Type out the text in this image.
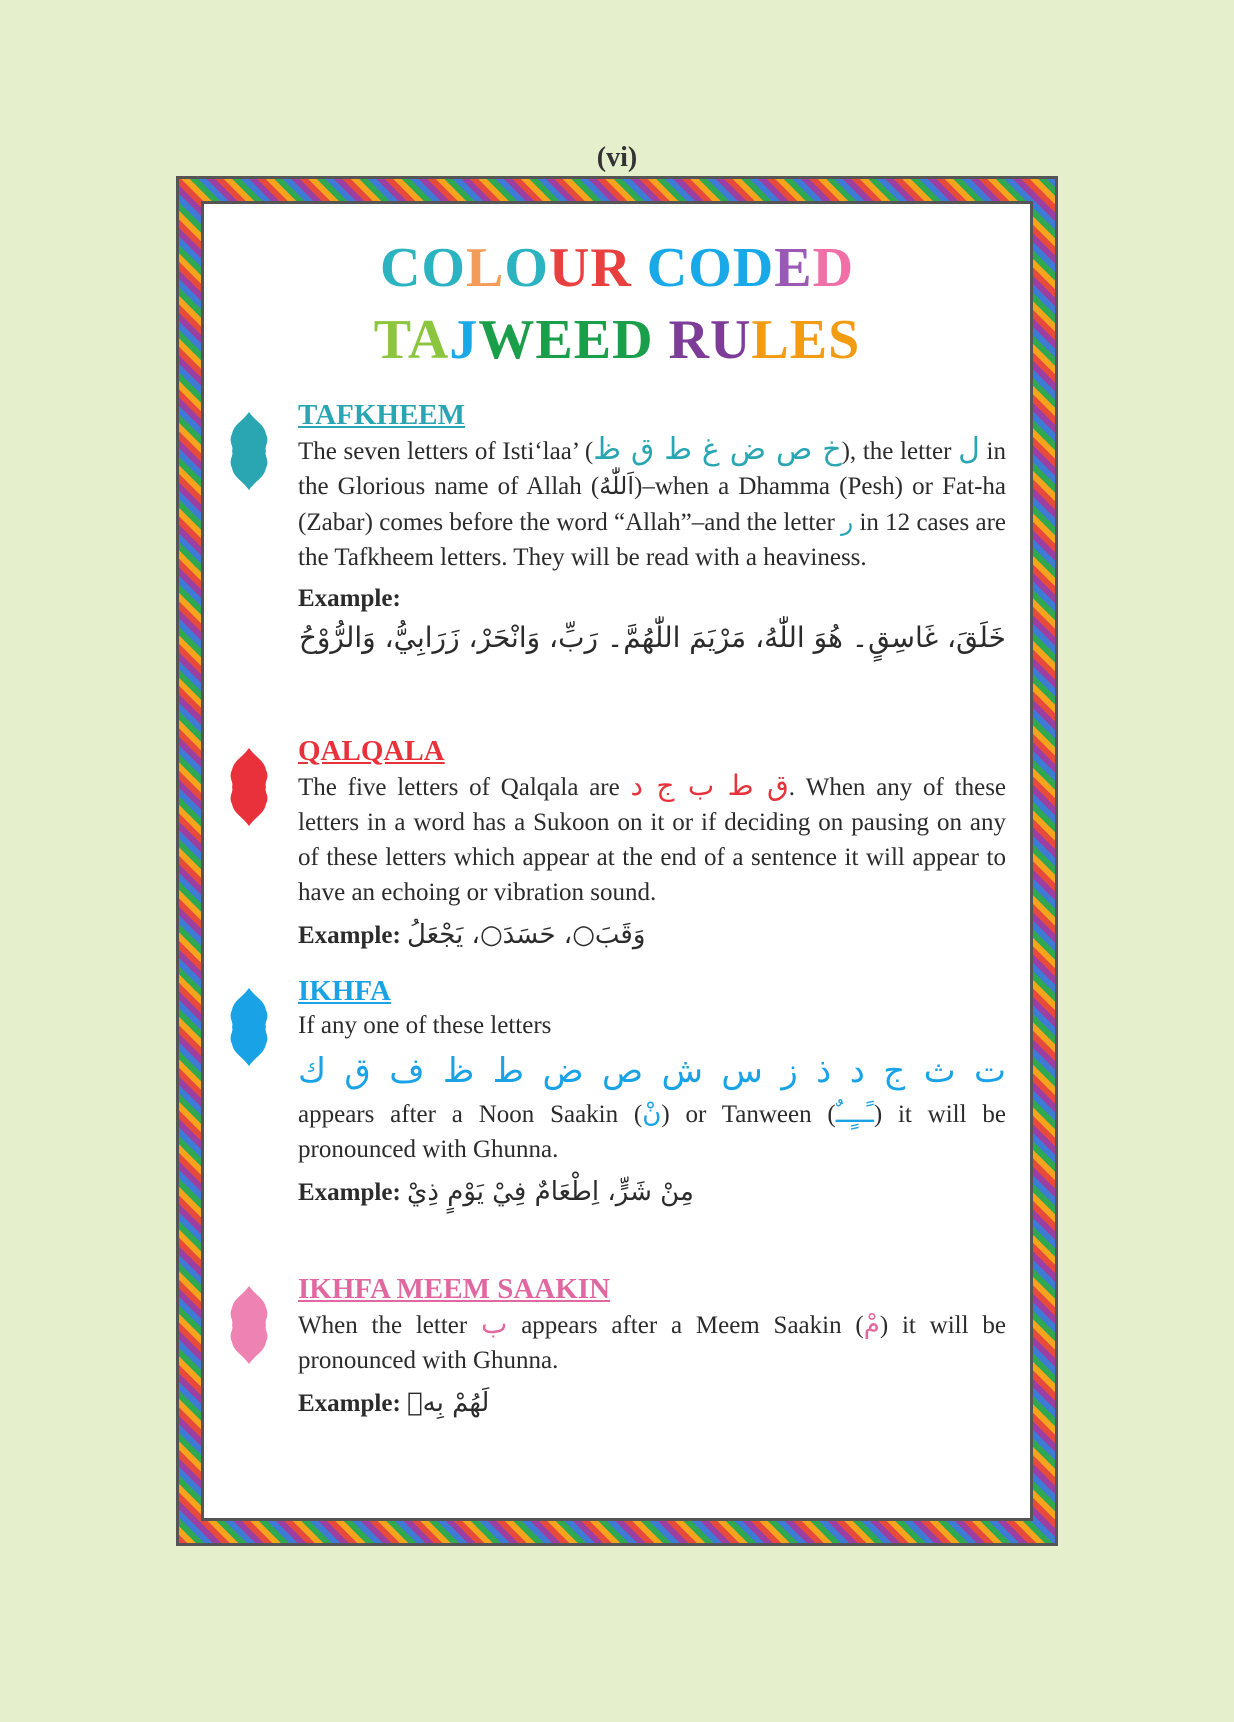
(vi)
COLOUR CODED
TAJWEED RULES

TAFKHEEM

The seven letters of Isti‘laa’ (خ ص ض غ ط ق ظ), the letter ل in the Glorious name of Allah (اَللّٰهُ)–when a Dhamma (Pesh) or Fat-ha (Zabar) comes before the word “Allah”–and the letter ر in 12 cases are the Tafkheem letters. They will be read with a heaviness.

Example:
خَلَقَ، غَاسِقٍ۔ هُوَ اللّٰهُ، مَرْيَمَ اللّٰهُمَّ۔ رَبِّ، وَانْحَرْ، زَرَابِيُّ، وَالرُّوْحُ

QALQALA

The five letters of Qalqala are ق ط ب ج د. When any of these letters in a word has a Sukoon on it or if deciding on pausing on any of these letters which appear at the end of a sentence it will appear to have an echoing or vibration sound.

Example: وَقَبَ○، حَسَدَ○، يَجْعَلُ

IKHFA

If any one of these letters

ت ث ج د ذ ز س ش ص ض ط ظ ف ق ك

appears after a Noon Saakin (نْ) or Tanween (ـًــٍــٌ) it will be pronounced with Ghunna.

Example: مِنْ شَرٍّ، اِطْعَامٌ فِيْ يَوْمٍ ذِيْ

IKHFA MEEM SAAKIN

When the letter ب appears after a Meem Saakin (مْ) it will be pronounced with Ghunna.

Example: لَهُمْ بِهٖ
